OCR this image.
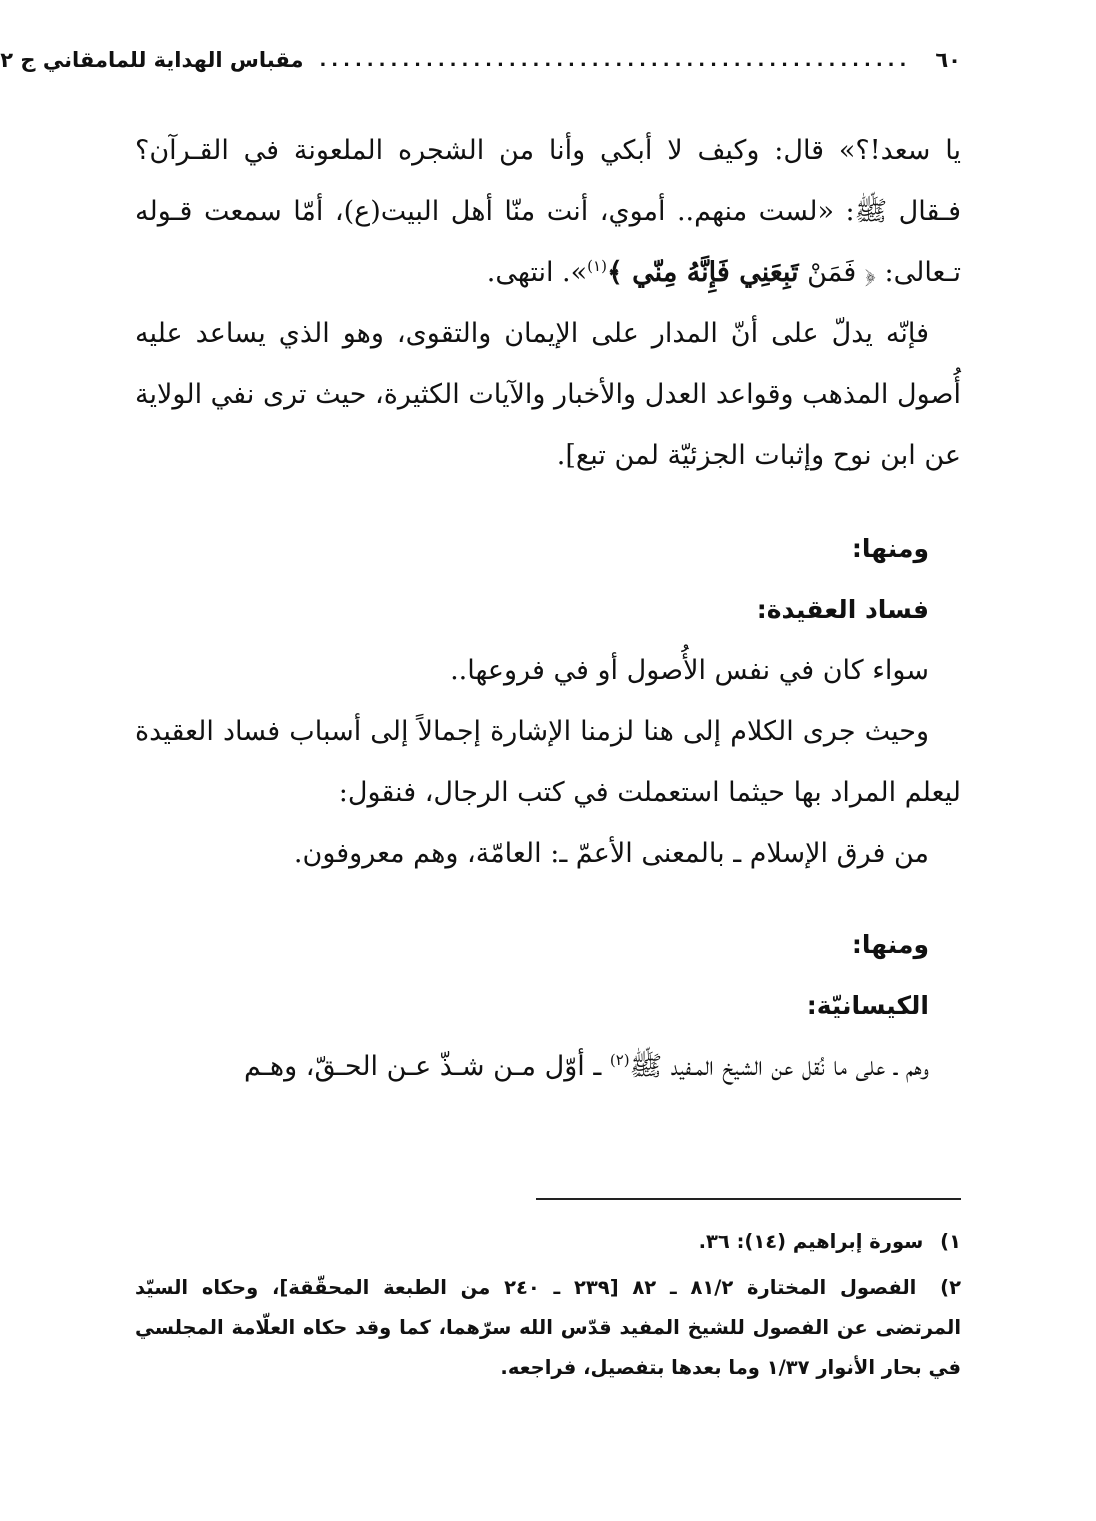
٦٠
..................................................
مقباس الهداية للمامقاني ج ٢

يا سعد!؟» قال: وكيف لا أبكي وأنا من الشجره الملعونة في القـرآن؟ فـقال ﷺ: «لست منهم.. أموي، أنت منّا أهل البيت(ع)، أمّا سمعت قـوله تـعالى: ﴿ فَمَنْ تَبِعَنِي فَإِنَّهُ مِنّي ﴾$^{(١)}$». انتهى.

فإنّه يدلّ على أنّ المدار على الإيمان والتقوى، وهو الذي يساعد عليه أُصول المذهب وقواعد العدل والأخبار والآيات الكثيرة، حيث ترى نفي الولاية عن ابن نوح وإثبات الجزئيّة لمن تبع].

ومنها:

فساد العقيدة:

سواء كان في نفس الأُصول أو في فروعها..

وحيث جرى الكلام إلى هنا لزمنا الإشارة إجمالاً إلى أسباب فساد العقيدة ليعلم المراد بها حيثما استعملت في كتب الرجال، فنقول:

من فرق الإسلام ـ بالمعنى الأعمّ ـ: العامّة، وهم معروفون.

ومنها:

الكيسانيّة:

وهم ـ على ما نُقل عن الشيخ المـفيد ﷺ$^{(٢)}$ ـ أوّل مـن شـذّ عـن الحـقّ، وهـم

١) سورة إبراهيم (١٤): ٣٦.

٢) الفصول المختارة ٨١/٢ ـ ٨٢ [٢٣٩ ـ ٢٤٠ من الطبعة المحقّقة]، وحكاه السيّد المرتضى عن الفصول للشيخ المفيد قدّس الله سرّهما، كما وقد حكاه العلّامة المجلسي في بحار الأنوار ١/٣٧ وما بعدها بتفصيل، فراجعه.
